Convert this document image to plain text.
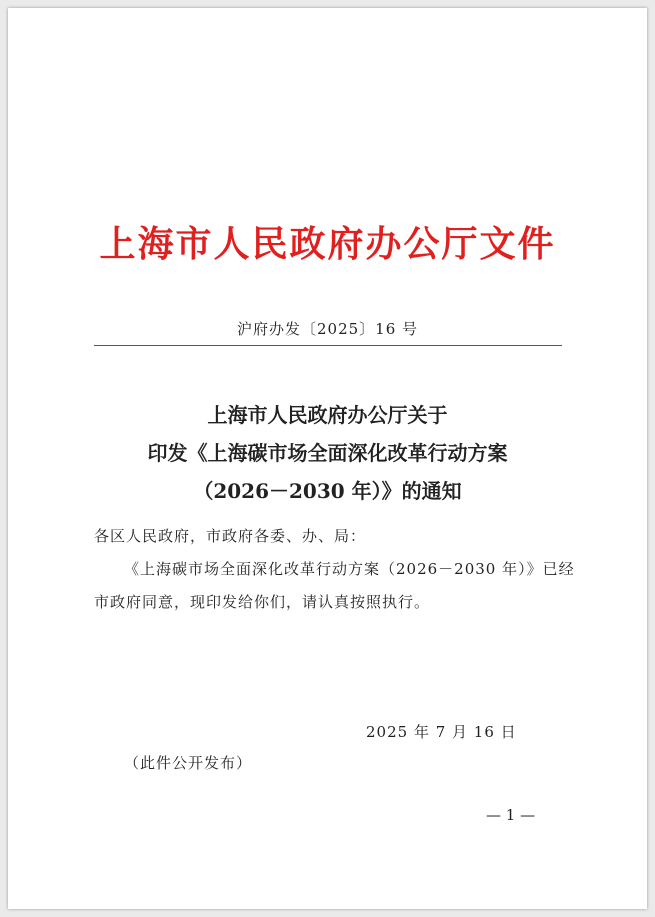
上海市人民政府办公厅文件
沪府办发〔2025〕16 号
上海市人民政府办公厅关于
印发《上海碳市场全面深化改革行动方案
（2026－2030 年）》的通知
各区人民政府，市政府各委、办、局：
《上海碳市场全面深化改革行动方案（2026－2030 年）》已经
市政府同意，现印发给你们，请认真按照执行。
2025 年 7 月 16 日
（此件公开发布）
— 1 —
